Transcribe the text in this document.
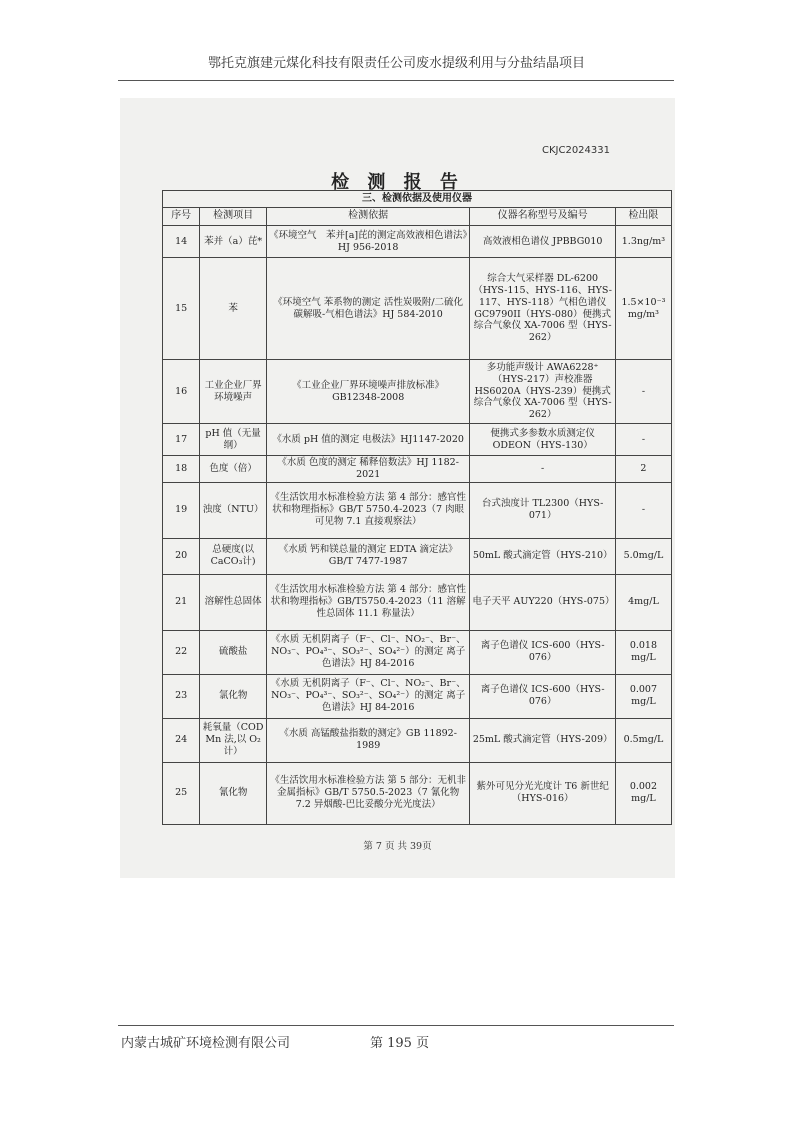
鄂托克旗建元煤化科技有限责任公司废水提级利用与分盐结晶项目
CKJC2024331
检 测 报 告
三、检测依据及使用仪器				
序号	检测项目	检测依据	仪器名称型号及编号	检出限
14	苯并（a）芘*	《环境空气　苯并[a]芘的测定高效液相色谱法》HJ 956-2018	高效液相色谱仪 JPBBG010	1.3ng/m³
15	苯	《环境空气 苯系物的测定 活性炭吸附/二硫化碳解吸-气相色谱法》HJ 584-2010	综合大气采样器 DL-6200（HYS-115、HYS-116、HYS-117、HYS-118）气相色谱仪 GC9790II（HYS-080）便携式综合气象仪 XA-7006 型（HYS-262）	1.5×10⁻³ mg/m³
16	工业企业厂界环境噪声	《工业企业厂界环境噪声排放标准》GB12348-2008	多功能声级计 AWA6228⁺（HYS-217）声校准器 HS6020A（HYS-239）便携式综合气象仪 XA-7006 型（HYS-262）	-
17	pH 值（无量纲）	《水质 pH 值的测定 电极法》HJ1147-2020	便携式多参数水质测定仪 ODEON（HYS-130）	-
18	色度（倍）	《水质 色度的测定 稀释倍数法》HJ 1182-2021	-	2
19	浊度（NTU）	《生活饮用水标准检验方法 第 4 部分：感官性状和物理指标》GB/T 5750.4-2023（7 肉眼可见物 7.1 直接观察法）	台式浊度计 TL2300（HYS-071）	-
20	总硬度(以 CaCO₃计)	《水质 钙和镁总量的测定 EDTA 滴定法》GB/T 7477-1987	50mL 酸式滴定管（HYS-210）	5.0mg/L
21	溶解性总固体	《生活饮用水标准检验方法 第 4 部分：感官性状和物理指标》GB/T5750.4-2023（11 溶解性总固体 11.1 称量法）	电子天平 AUY220（HYS-075）	4mg/L
22	硫酸盐	《水质 无机阴离子（F⁻、Cl⁻、NO₂⁻、Br⁻、NO₃⁻、PO₄³⁻、SO₃²⁻、SO₄²⁻）的测定 离子色谱法》HJ 84-2016	离子色谱仪 ICS-600（HYS-076）	0.018 mg/L
23	氯化物	《水质 无机阴离子（F⁻、Cl⁻、NO₂⁻、Br⁻、NO₃⁻、PO₄³⁻、SO₃²⁻、SO₄²⁻）的测定 离子色谱法》HJ 84-2016	离子色谱仪 ICS-600（HYS-076）	0.007 mg/L
24	耗氧量（COD Mn 法,以 O₂计）	《水质 高锰酸盐指数的测定》GB 11892-1989	25mL 酸式滴定管（HYS-209）	0.5mg/L
25	氰化物	《生活饮用水标准检验方法 第 5 部分：无机非金属指标》GB/T 5750.5-2023（7 氰化物 7.2 异烟酸-巴比妥酸分光光度法）	紫外可见分光光度计 T6 新世纪（HYS-016）	0.002 mg/L
第 7 页 共 39页
内蒙古城矿环境检测有限公司	第 195 页
